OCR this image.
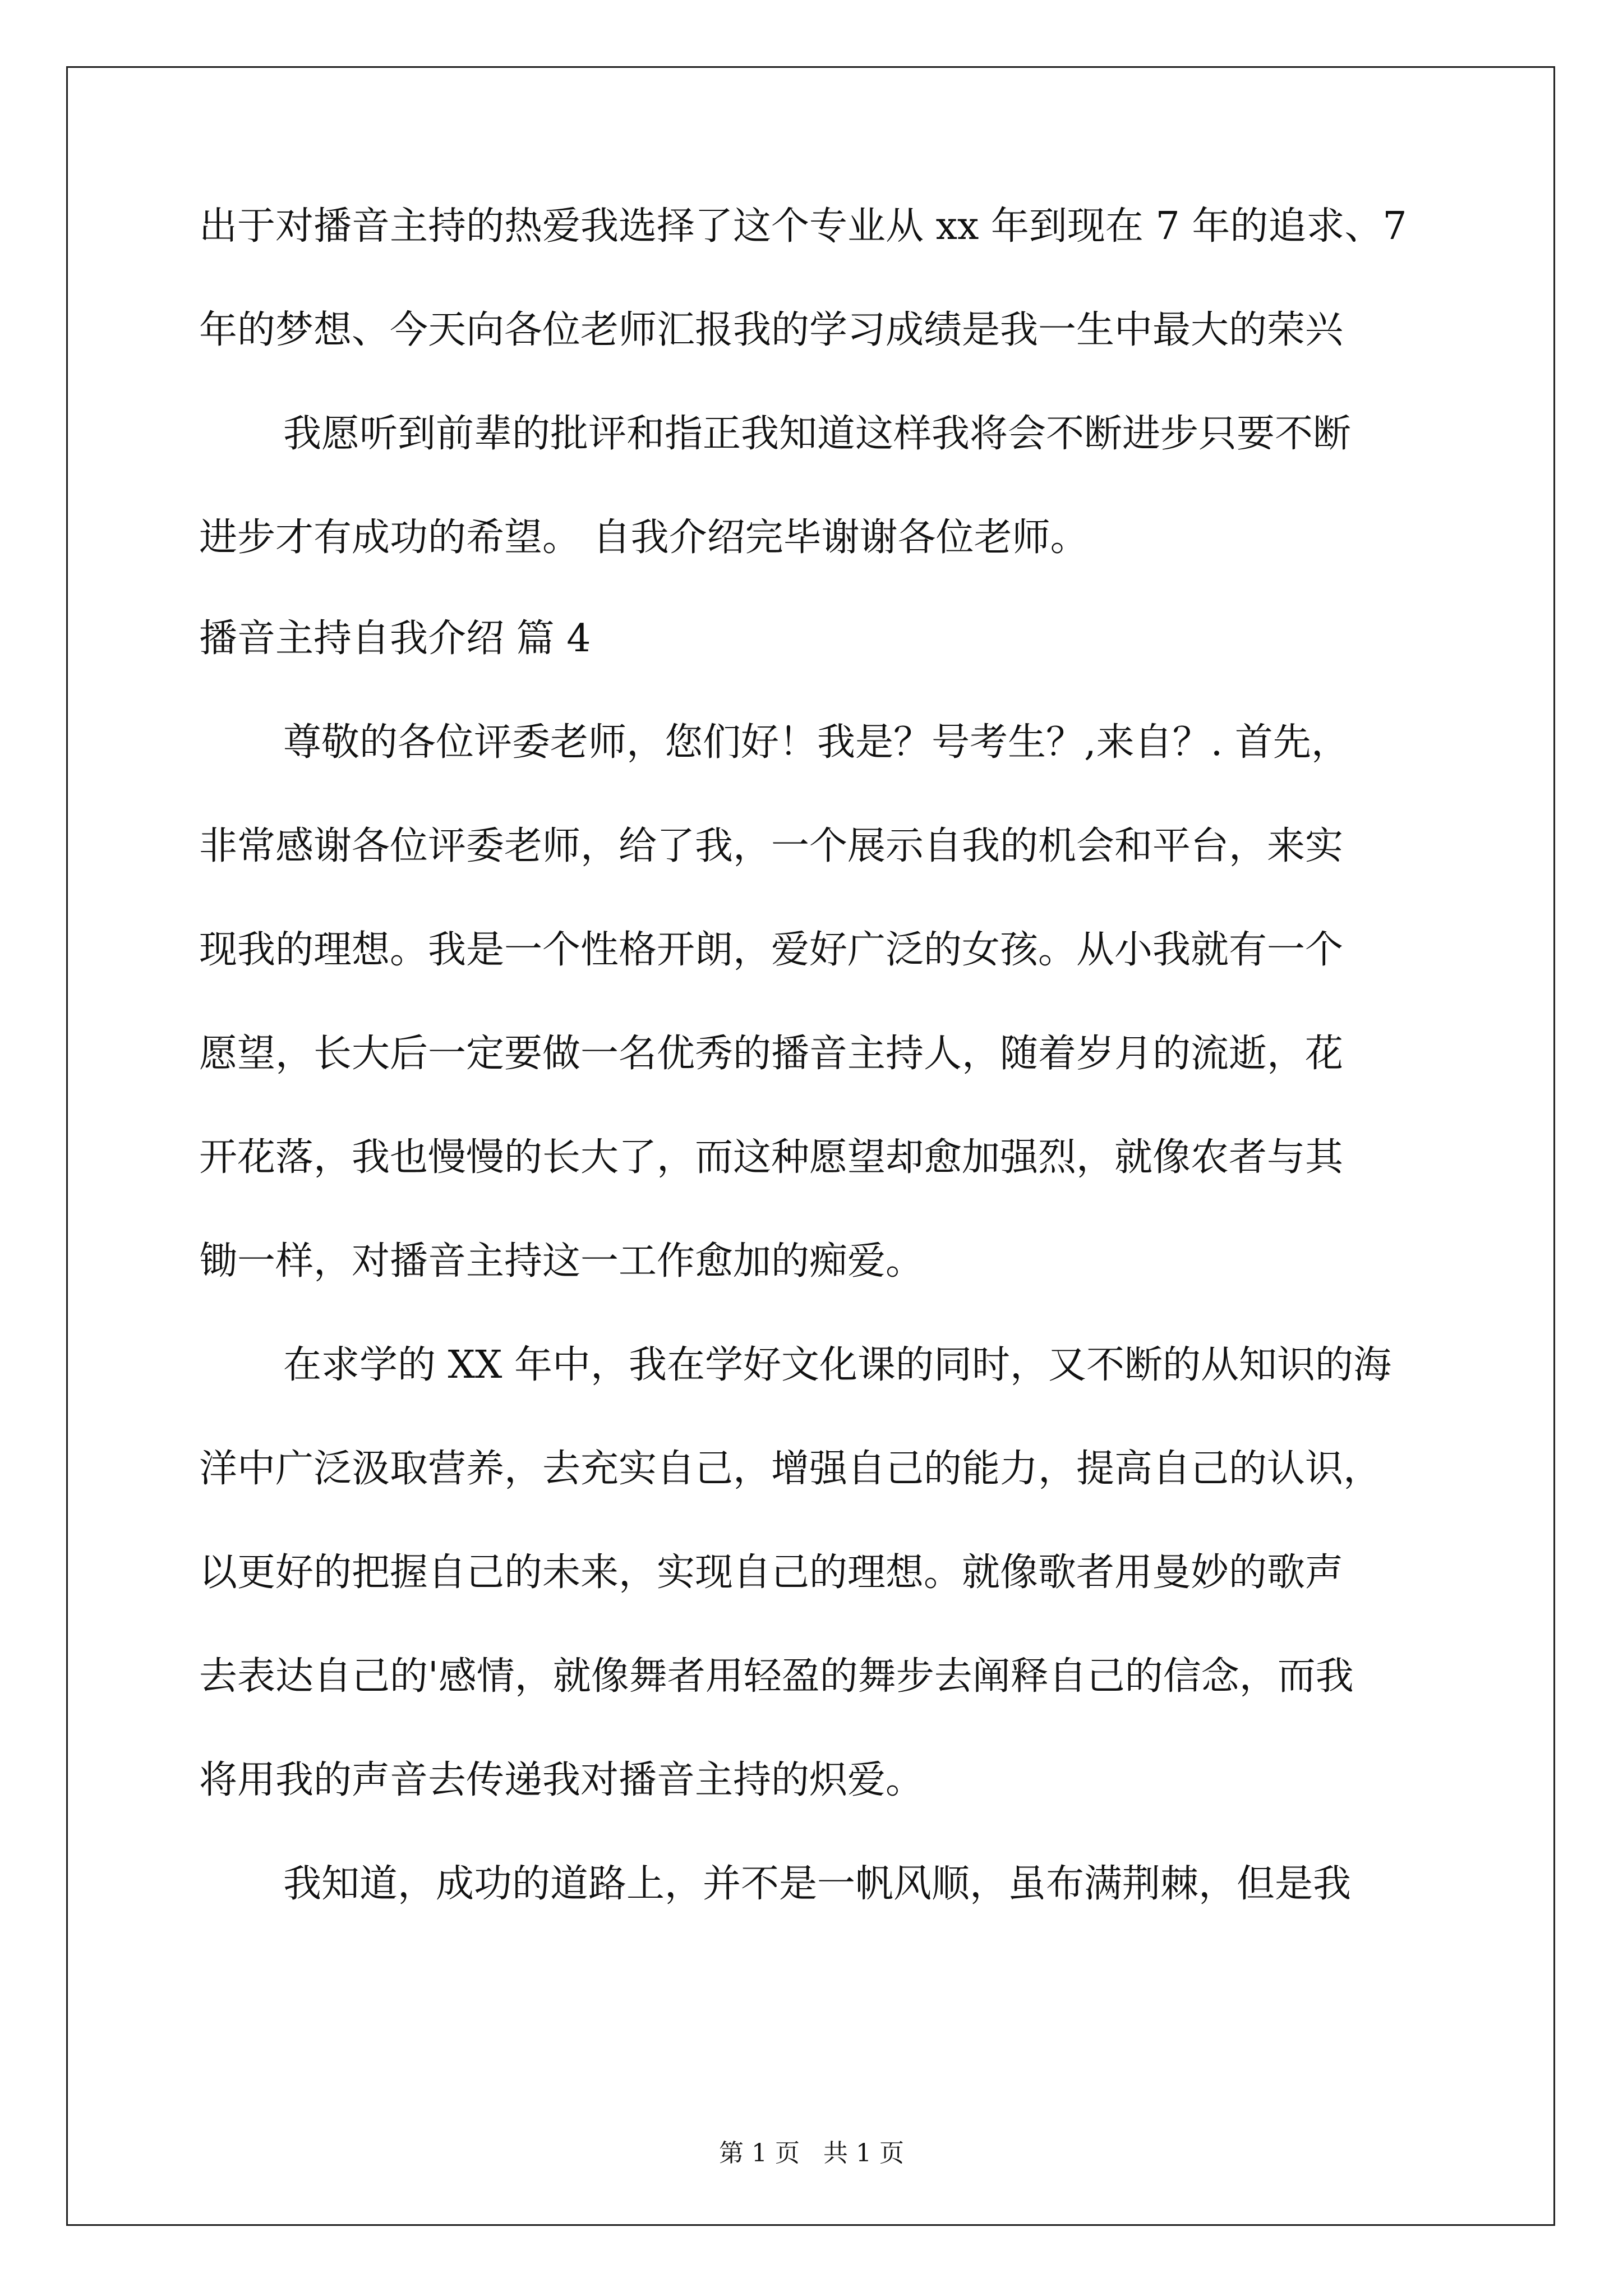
出于对播音主持的热爱我选择了这个专业从 xx 年到现在 7 年的追求、7
年的梦想、今天向各位老师汇报我的学习成绩是我一生中最大的荣兴
我愿听到前辈的批评和指正我知道这样我将会不断进步只要不断
进步才有成功的希望。 自我介绍完毕谢谢各位老师。
播音主持自我介绍 篇 4
尊敬的各位评委老师，您们好！我是？号考生？,来自？. 首先，
非常感谢各位评委老师，给了我，一个展示自我的机会和平台，来实
现我的理想。我是一个性格开朗，爱好广泛的女孩。从小我就有一个
愿望，长大后一定要做一名优秀的播音主持人，随着岁月的流逝，花
开花落，我也慢慢的长大了，而这种愿望却愈加强烈，就像农者与其
锄一样，对播音主持这一工作愈加的痴爱。
在求学的 XX 年中，我在学好文化课的同时，又不断的从知识的海
洋中广泛汲取营养，去充实自己，增强自己的能力，提高自己的认识，
以更好的把握自己的未来，实现自己的理想。就像歌者用曼妙的歌声
去表达自己的'感情，就像舞者用轻盈的舞步去阐释自己的信念，而我
将用我的声音去传递我对播音主持的炽爱。
我知道，成功的道路上，并不是一帆风顺，虽布满荆棘，但是我
第 1 页   共 1 页
